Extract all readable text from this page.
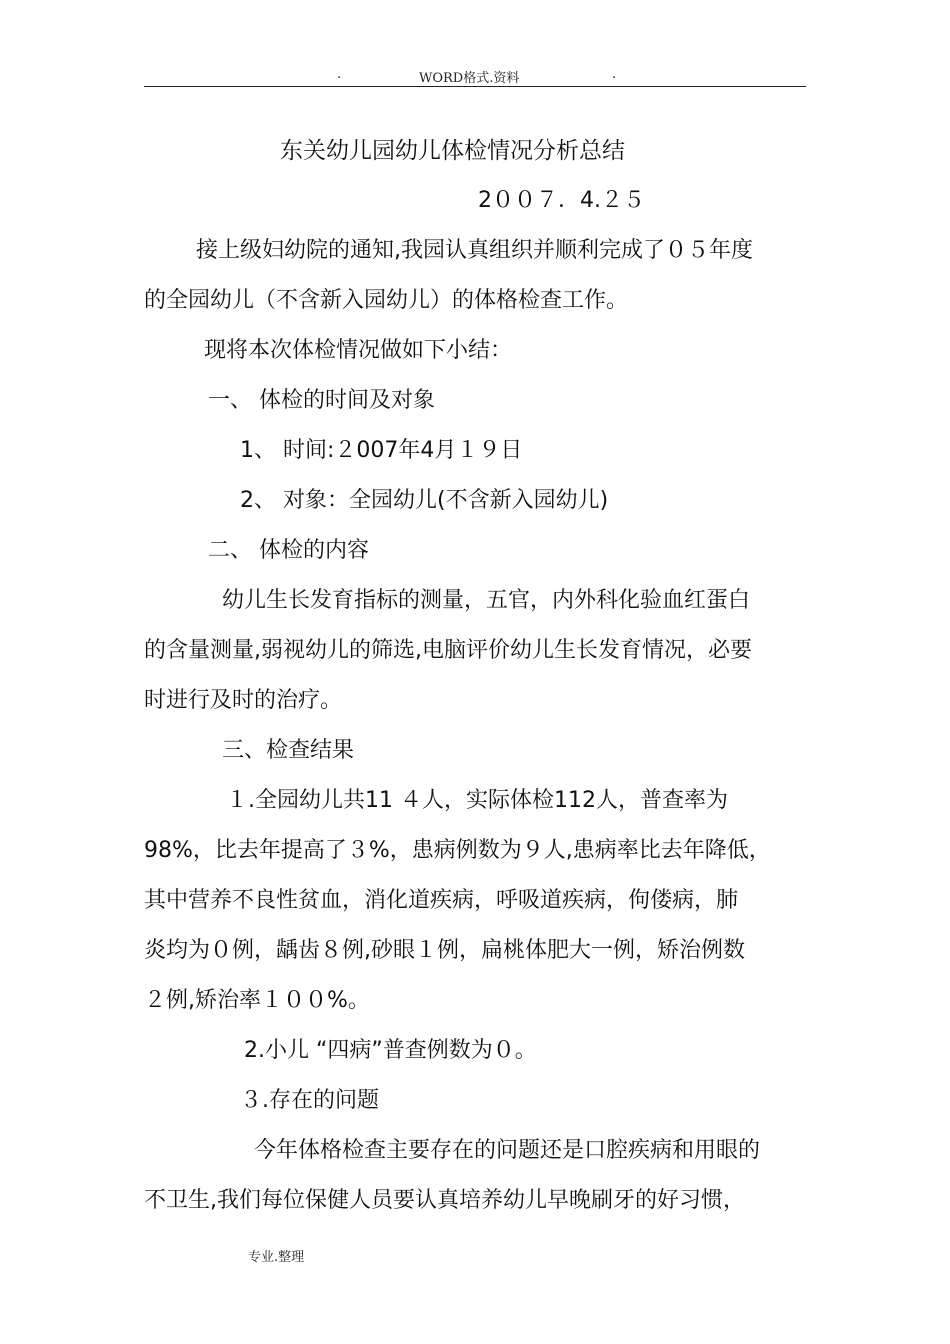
.	WORD格式.资料	.
东关幼儿园幼儿体检情况分析总结
2００７．4.２５
接上级妇幼院的通知,我园认真组织并顺利完成了０５年度
的全园幼儿（不含新入园幼儿）的体格检查工作。
现将本次体检情况做如下小结：
一、 体检的时间及对象
1、 时间:２007年4月１９日
2、 对象：全园幼儿(不含新入园幼儿)
二、 体检的内容
幼儿生长发育指标的测量，五官，内外科化验血红蛋白
的含量测量,弱视幼儿的筛选,电脑评价幼儿生长发育情况，必要
时进行及时的治疗。
三、检查结果
１.全园幼儿共11 ４人，实际体检112人，普查率为
98%，比去年提高了３%，患病例数为９人,患病率比去年降低，
其中营养不良性贫血，消化道疾病，呼吸道疾病，佝偻病，肺
炎均为０例，龋齿８例,砂眼１例，扁桃体肥大一例，矫治例数
２例,矫治率１００%。
2.小儿 “四病”普查例数为０。
３.存在的问题
今年体格检查主要存在的问题还是口腔疾病和用眼的
不卫生,我们每位保健人员要认真培养幼儿早晚刷牙的好习惯，
专业.整理
